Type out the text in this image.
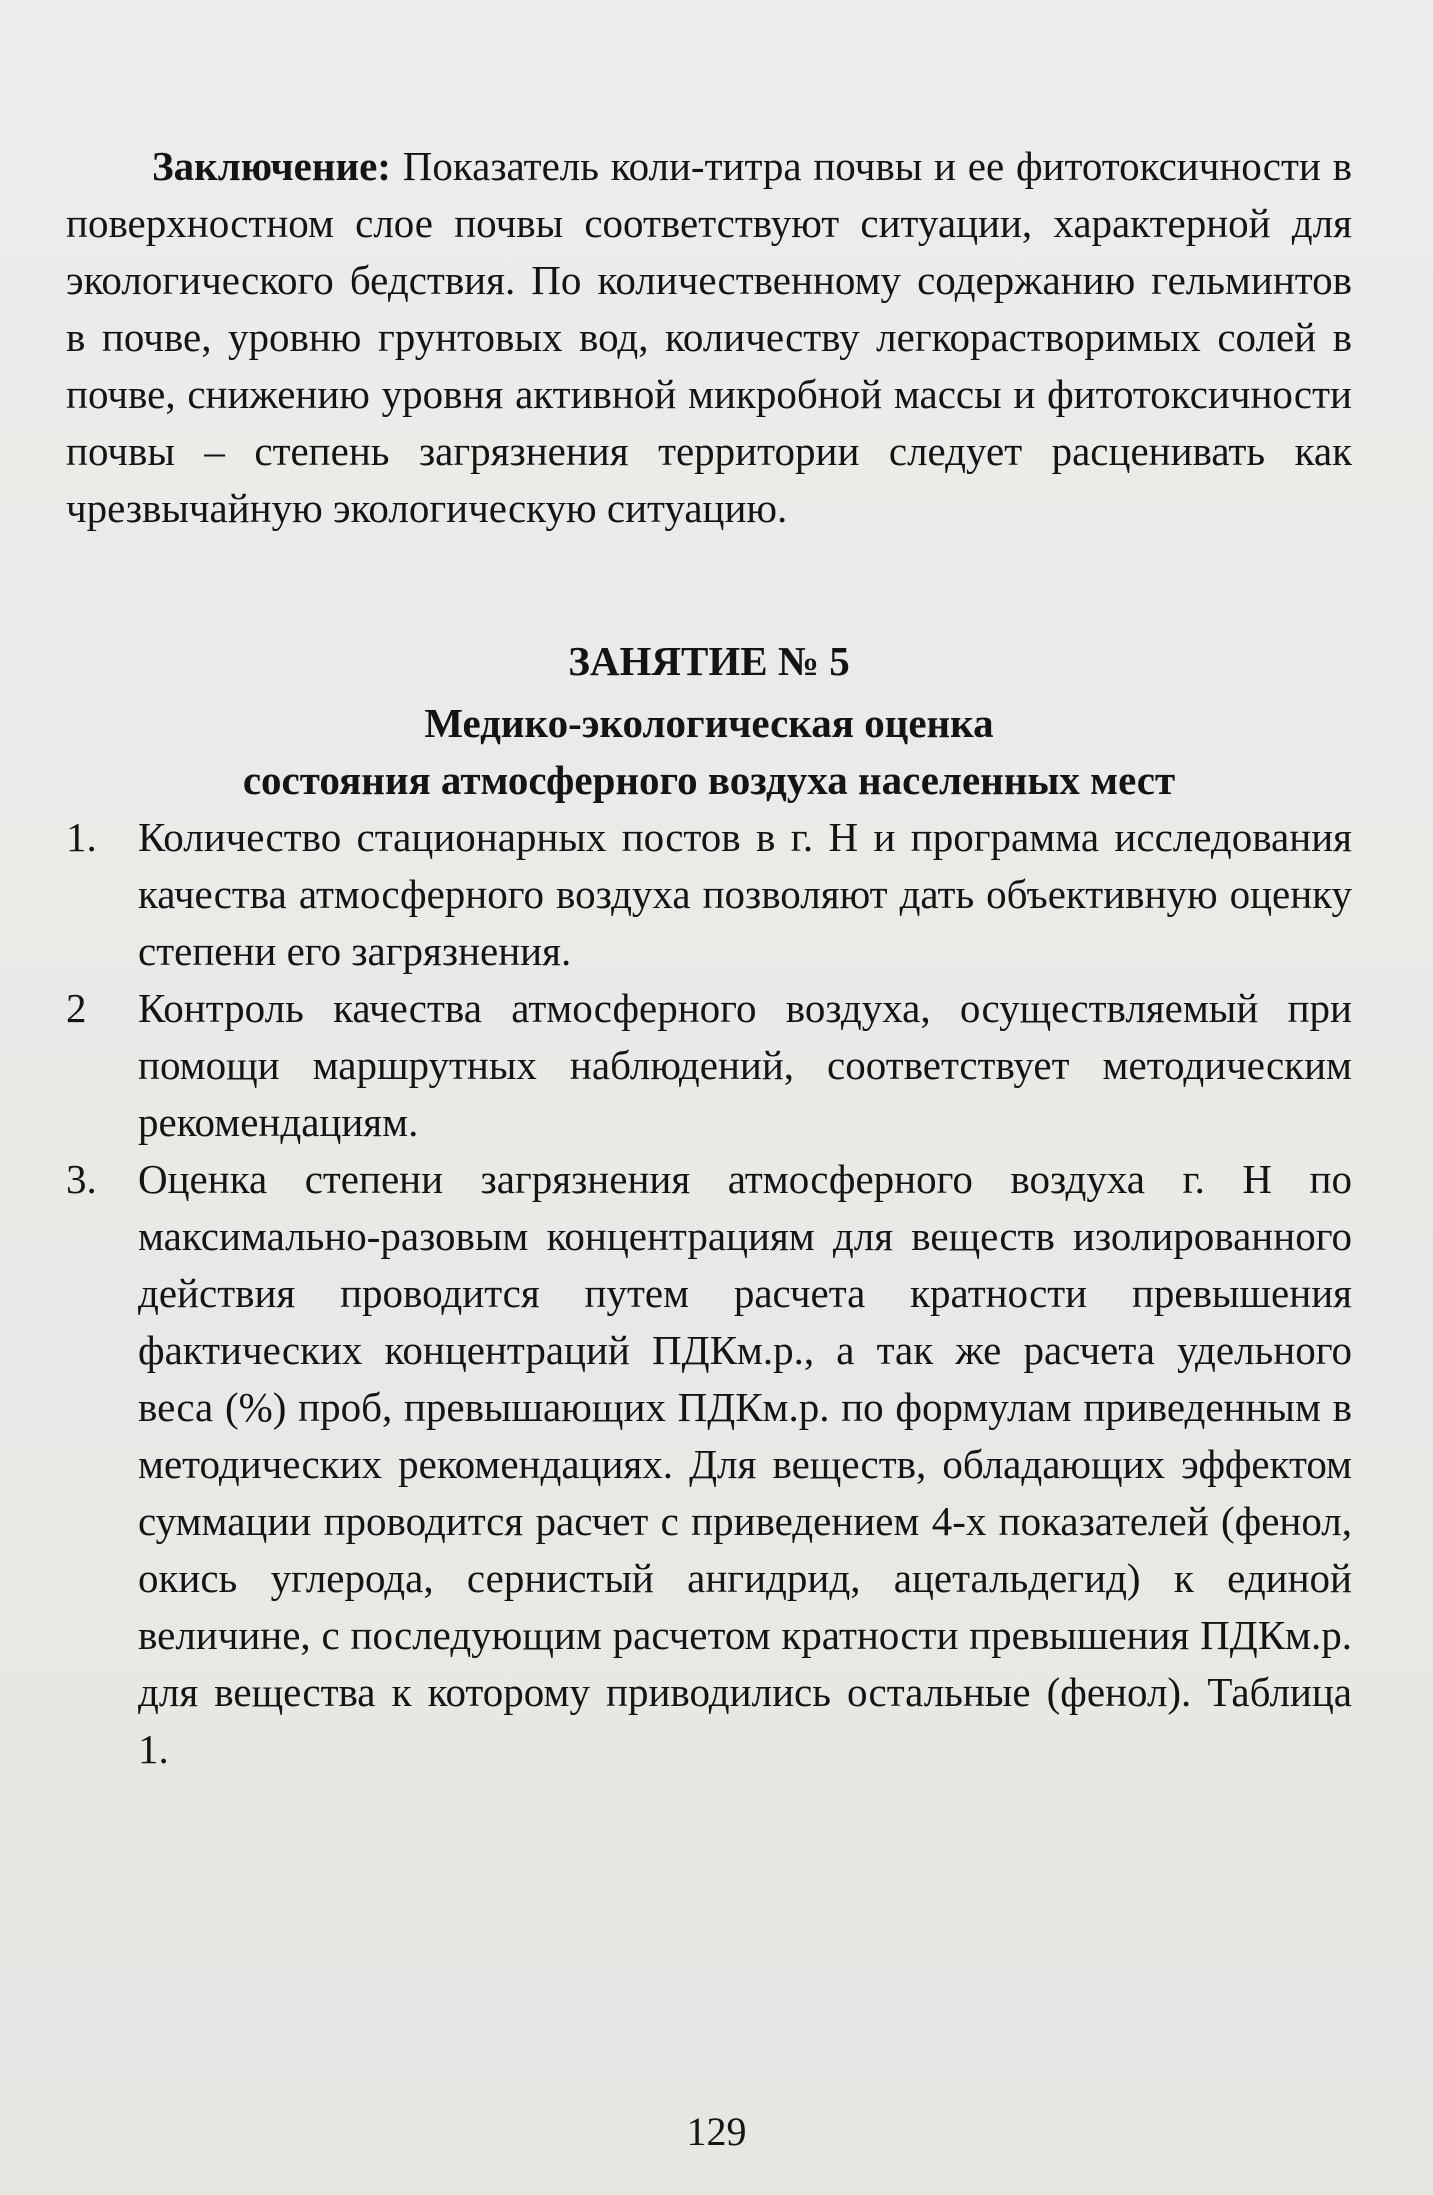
Заключение: Показатель коли-титра почвы и ее фитотоксичности в поверхностном слое почвы соответствуют ситуации, характерной для экологического бедствия. По количественному содержанию гельминтов в почве, уровню грунтовых вод, количеству легкорастворимых солей в почве, снижению уровня активной микробной массы и фитотоксичности почвы – степень загрязнения территории следует расценивать как чрезвычайную экологическую ситуацию.

ЗАНЯТИЕ № 5

Медико-экологическая оценка

состояния атмосферного воздуха населенных мест

1.	Количество стационарных постов в г. Н и программа исследования качества атмосферного воздуха позволяют дать объективную оценку степени его загрязнения.
2	Контроль качества атмосферного воздуха, осуществляемый при помощи маршрутных наблюдений, соответствует методическим рекомендациям.
3.	Оценка степени загрязнения атмосферного воздуха г. Н по максимально-разовым концентрациям для веществ изолированного действия проводится путем расчета кратности превышения фактических концентраций ПДКм.р., а так же расчета удельного веса (%) проб, превышающих ПДКм.р. по формулам приведенным в методических рекомендациях. Для веществ, обладающих эффектом суммации проводится расчет с приведением 4-х показателей (фенол, окись углерода, сернистый ангидрид, ацетальдегид) к единой величине, с последующим расчетом кратности превышения ПДКм.р. для вещества к которому приводились остальные (фенол). Таблица 1.
129
